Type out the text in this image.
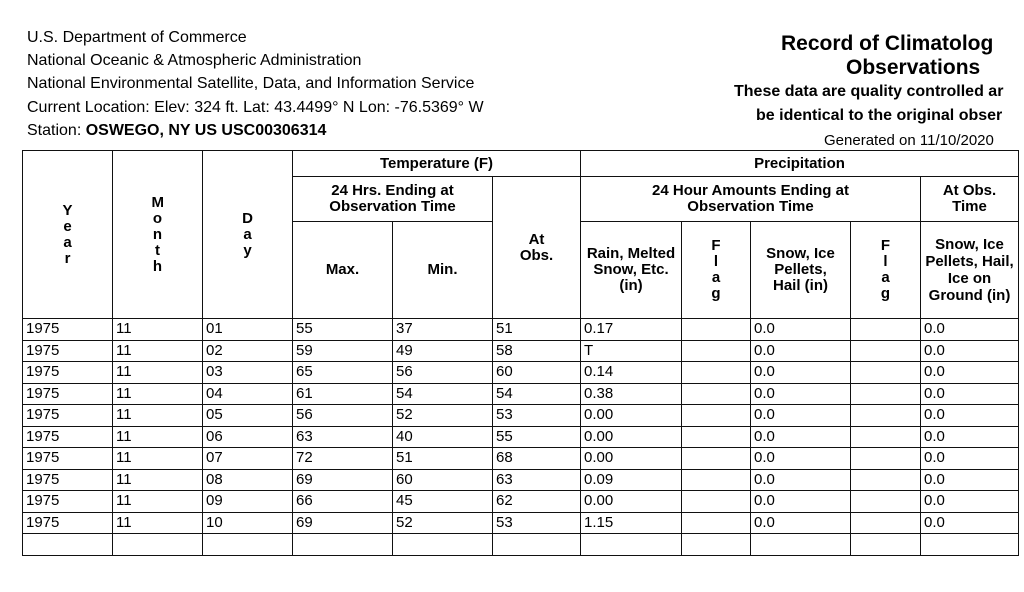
U.S. Department of Commerce
National Oceanic & Atmospheric Administration
National Environmental Satellite, Data, and Information Service
Current Location: Elev: 324 ft. Lat: 43.4499° N Lon: -76.5369° W
Station: OSWEGO, NY US USC00306314
Record of Climatolog
Observations
These data are quality controlled ar
be identical to the original obser
Generated on 11/10/2020
Year	Month	Day	Temperature (F)			Precipitation				
			24 Hrs. Ending at Observation Time		At Obs.	24 Hour Amounts Ending at Observation Time				At Obs. Time
			Max.	Min.		Rain, Melted Snow, Etc. (in)	Flag	Snow, Ice Pellets, Hail (in)	Flag	Snow, Ice Pellets, Hail, Ice on Ground (in)
1975	11	01	55	37	51	0.17		0.0		0.0
1975	11	02	59	49	58	T		0.0		0.0
1975	11	03	65	56	60	0.14		0.0		0.0
1975	11	04	61	54	54	0.38		0.0		0.0
1975	11	05	56	52	53	0.00		0.0		0.0
1975	11	06	63	40	55	0.00		0.0		0.0
1975	11	07	72	51	68	0.00		0.0		0.0
1975	11	08	69	60	63	0.09		0.0		0.0
1975	11	09	66	45	62	0.00		0.0		0.0
1975	11	10	69	52	53	1.15		0.0		0.0
